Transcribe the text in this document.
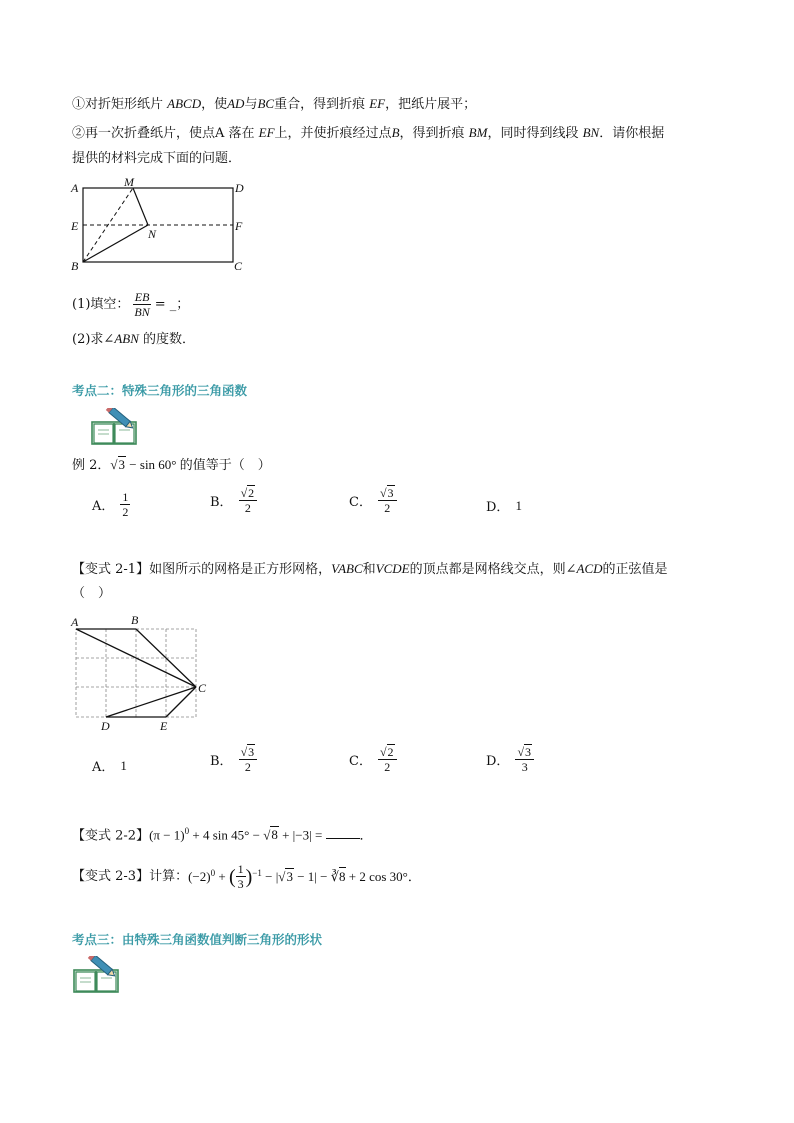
①对折矩形纸片 ABCD，使AD与BC重合，得到折痕 EF，把纸片展平；
②再一次折叠纸片，使点A 落在 EF上，并使折痕经过点B，得到折痕 BM，同时得到线段 BN．请你根据
提供的材料完成下面的问题．
A	M	D
E	F
N
B	C
(1)填空： $\frac{EB}{BN}$ = _；
(2)求∠ABN 的度数．
考点二：特殊三角形的三角函数
例 2．√3 − sin 60° 的值等于（　）
A． $\frac{1}{2}$	B． $\frac{√2}{2}$	C． $\frac{√3}{2}$	D． 1
【变式 2-1】如图所示的网格是正方形网格，VABC和VCDE的顶点都是网格线交点，则∠ACD的正弦值是
（　）
A	B
C
D	E
A． 1	B． $\frac{√3}{2}$	C． $\frac{√2}{2}$	D． $\frac{√3}{3}$
【变式 2-2】$(\pi - 1)^0 + 4$ sin 45° − √8 + |−3| =	．
【变式 2-3】 计算： $(-2)^0$ + ( $\frac{1}{3} )^{-1}$ − | √3 − 1| − ∛ 8 + 2 cos 30°．
考点三：由特殊三角函数值判断三角形的形状
